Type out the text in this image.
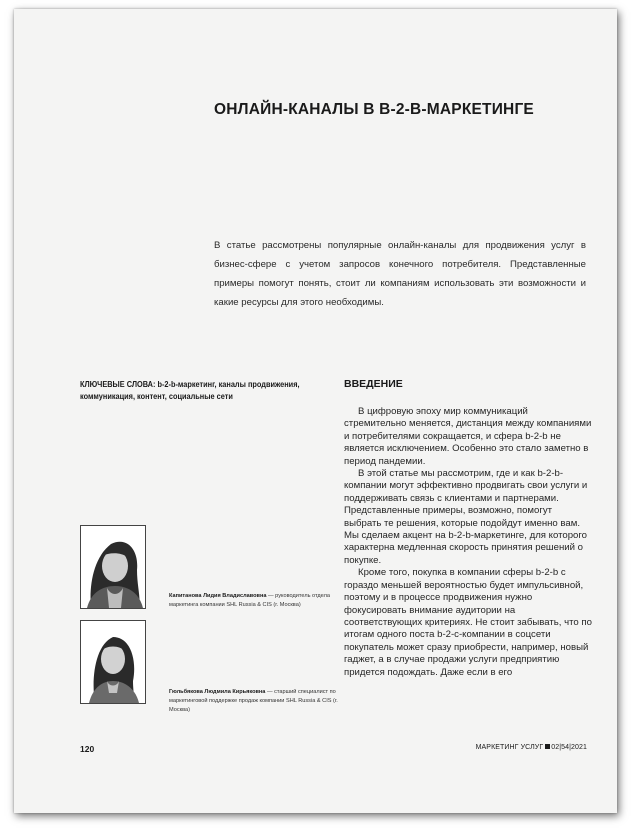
ОНЛАЙН-КАНАЛЫ В B-2-B-МАРКЕТИНГЕ

В статье рассмотрены популярные онлайн-каналы для продвижения услуг в бизнес-сфере с учетом запросов конечного потребителя. Представленные примеры помогут понять, стоит ли компаниям использовать эти возможности и какие ресурсы для этого необходимы.

КЛЮЧЕВЫЕ СЛОВА: b-2-b-маркетинг, каналы продвижения, коммуникация, контент, социальные сети

Капитанова Лидия Владиславовна — руководитель отдела маркетинга компании SHL Russia & CIS (г. Москва)

Гюльбякова Людмила Кирьяковна — старший специалист по маркетинговой поддержке продаж компании SHL Russia & CIS (г. Москва)

ВВЕДЕНИЕ
В цифровую эпоху мир коммуникаций стремительно меняется, дистанция между компаниями и потребителями сокращается, и сфера b-2-b не является исключением. Особенно это стало заметно в период пандемии.
В этой статье мы рассмотрим, где и как b-2-b-компании могут эффективно продвигать свои услуги и поддерживать связь с клиентами и партнерами. Представленные примеры, возможно, помогут выбрать те решения, которые подойдут именно вам. Мы сделаем акцент на b-2-b-маркетинге, для которого характерна медленная скорость принятия решений о покупке.
Кроме того, покупка в компании сферы b-2-b с гораздо меньшей вероятностью будет импульсивной, поэтому и в процессе продвижения нужно фокусировать внимание аудитории на соответствующих критериях. Не стоит забывать, что по итогам одного поста b-2-c-компании в соцсети покупатель может сразу приобрести, например, новый гаджет, а в случае продажи услуги предприятию придется подождать. Даже если в его

120	МАРКЕТИНГ УСЛУГ 02|54|2021
